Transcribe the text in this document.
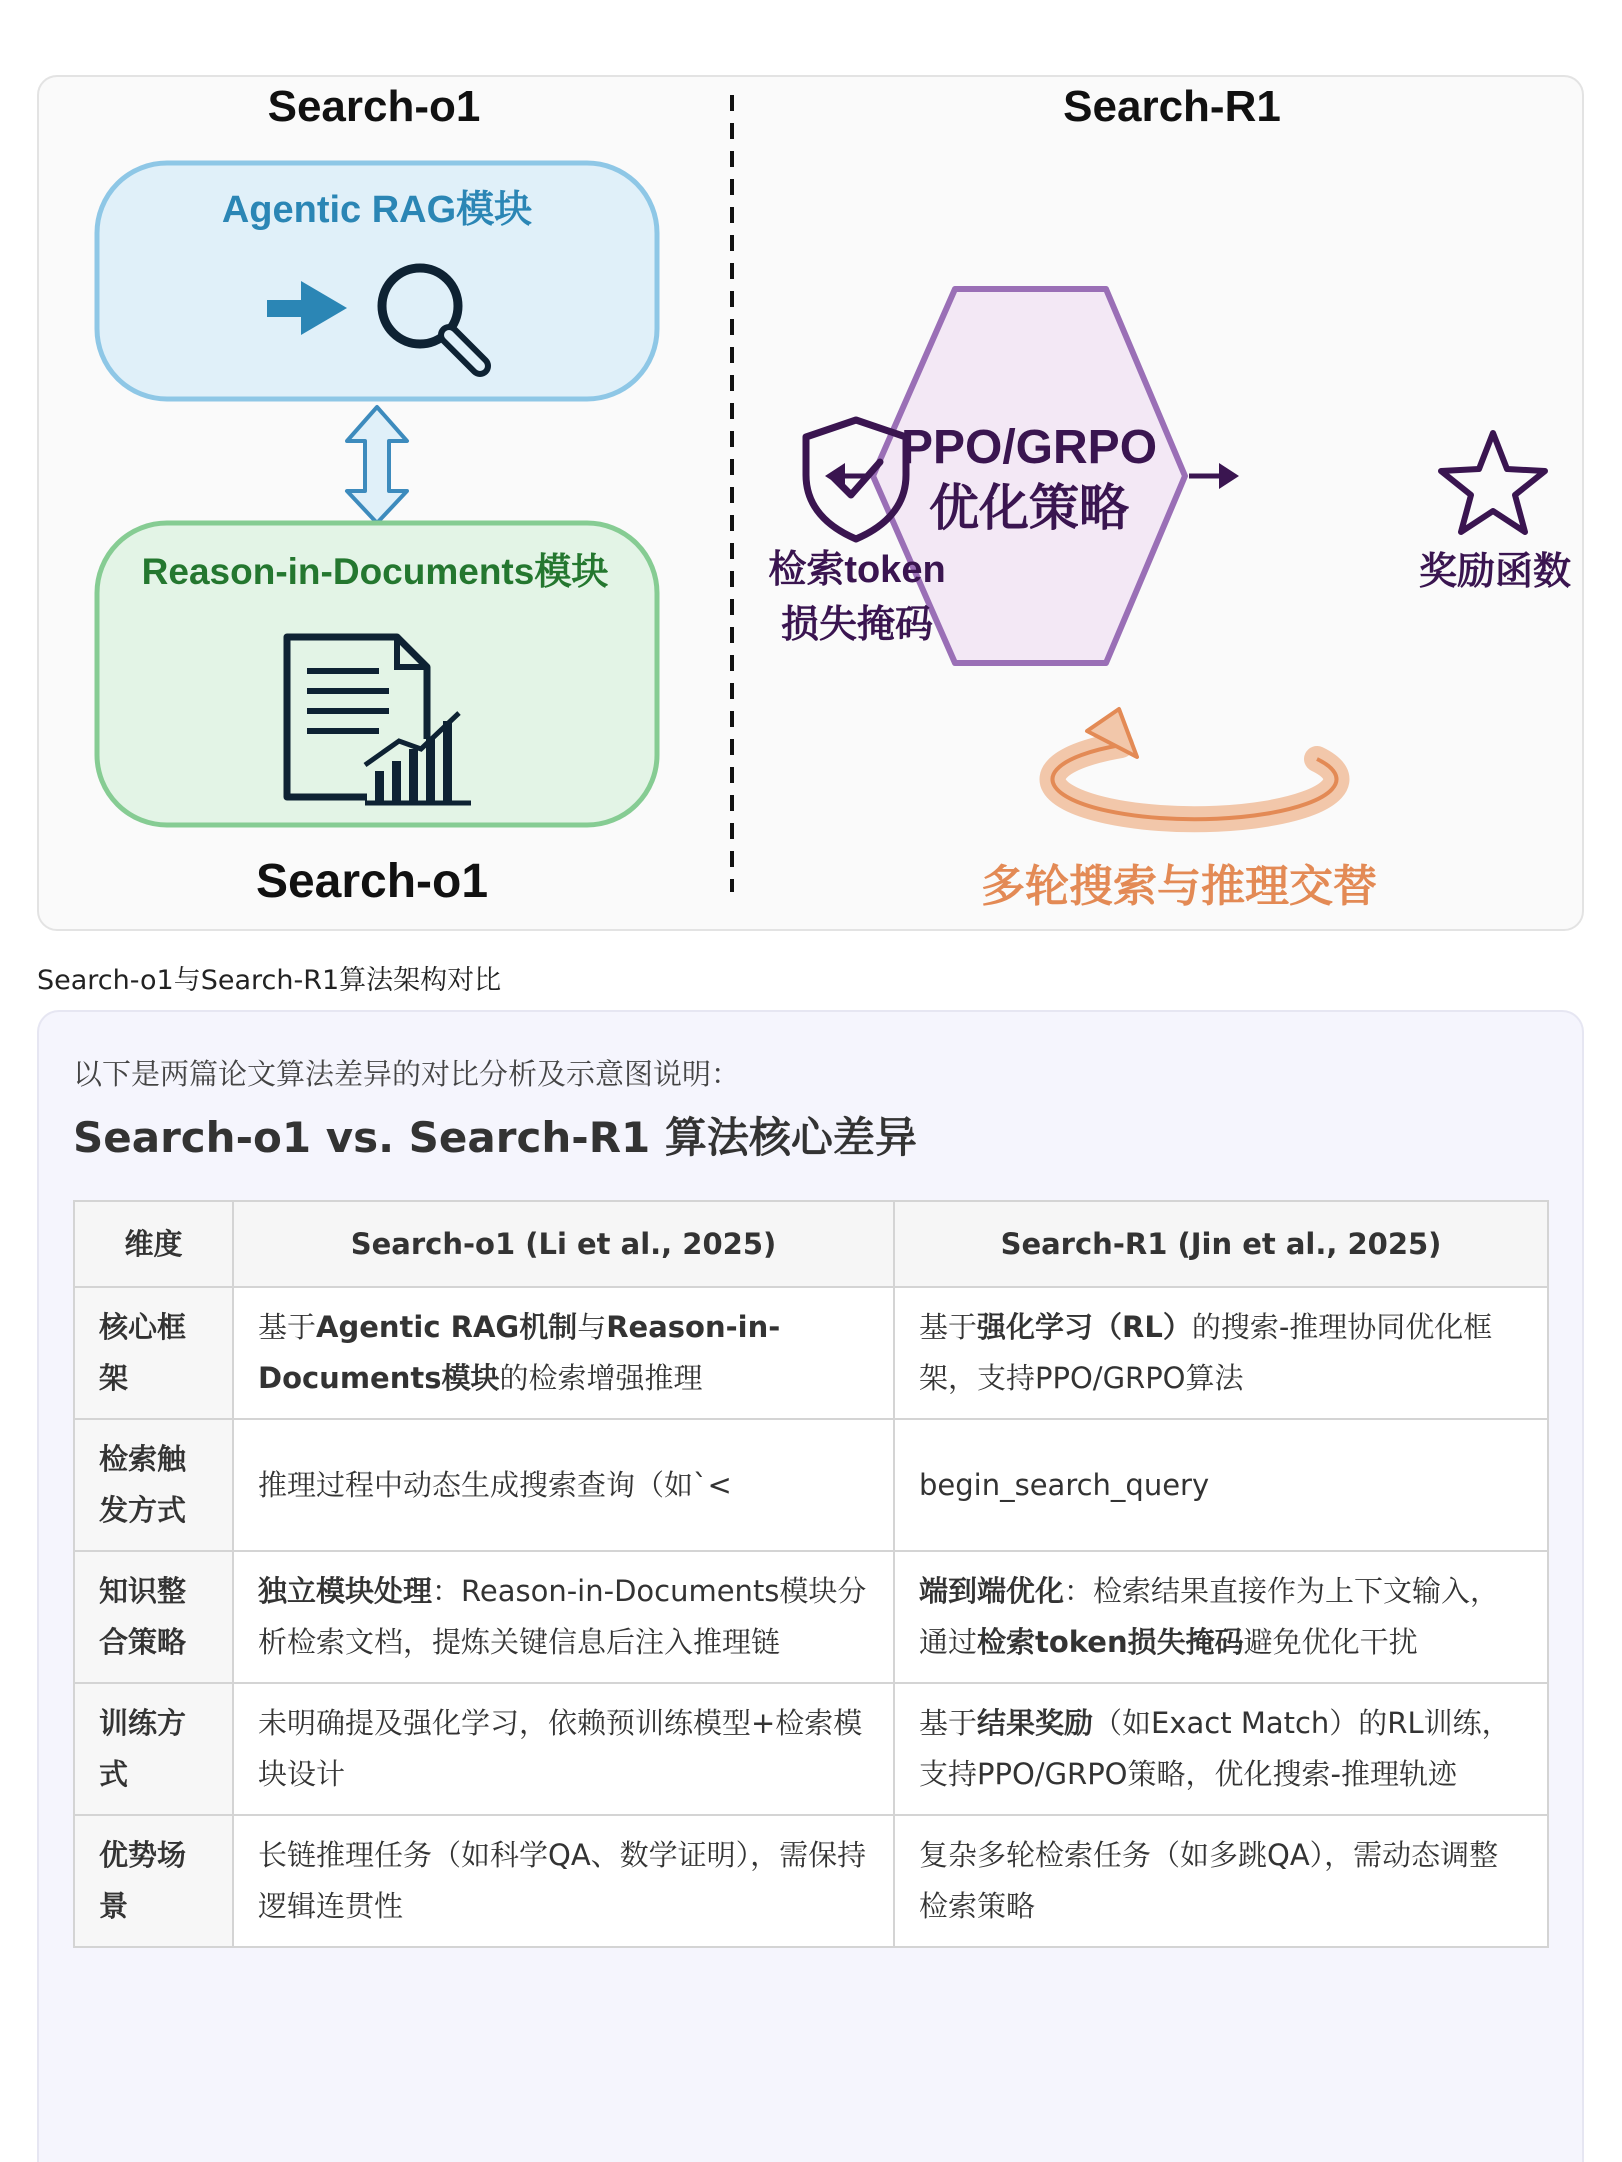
Search-o1	Search-R1
Agentic RAG模块
Reason-in-Documents模块
Search-o1
PPO/GRPO
优化策略
检索token
损失掩码
奖励函数
多轮搜索与推理交替
Search-o1与Search-R1算法架构对比
以下是两篇论文算法差异的对比分析及示意图说明：
Search-o1 vs. Search-R1 算法核心差异
维度	Search-o1 (Li et al., 2025)	Search-R1 (Jin et al., 2025)
核心框架	基于Agentic RAG机制与Reason-in-Documents模块的检索增强推理	基于强化学习（RL）的搜索-推理协同优化框架，支持PPO/GRPO算法
检索触发方式	推理过程中动态生成搜索查询（如`<	begin_search_query
知识整合策略	独立模块处理：Reason-in-Documents模块分析检索文档，提炼关键信息后注入推理链	端到端优化：检索结果直接作为上下文输入，通过检索token损失掩码避免优化干扰
训练方式	未明确提及强化学习，依赖预训练模型+检索模块设计	基于结果奖励（如Exact Match）的RL训练，支持PPO/GRPO策略，优化搜索-推理轨迹
优势场景	长链推理任务（如科学QA、数学证明），需保持逻辑连贯性	复杂多轮检索任务（如多跳QA），需动态调整检索策略
